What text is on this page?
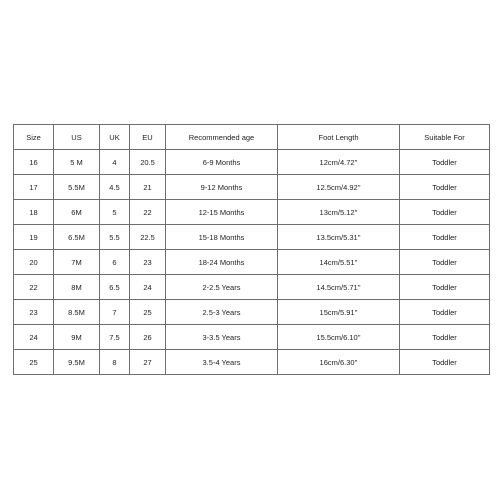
Size	US	UK	EU	Recommended age	Foot Length	Suitable For
16	5 M	4	20.5	6-9 Months	12cm/4.72''	Toddler
17	5.5M	4.5	21	9-12 Months	12.5cm/4.92''	Toddler
18	6M	5	22	12-15 Months	13cm/5.12''	Toddler
19	6.5M	5.5	22.5	15-18 Months	13.5cm/5.31''	Toddler
20	7M	6	23	18-24 Months	14cm/5.51''	Toddler
22	8M	6.5	24	2-2.5 Years	14.5cm/5.71''	Toddler
23	8.5M	7	25	2.5-3 Years	15cm/5.91''	Toddler
24	9M	7.5	26	3-3.5 Years	15.5cm/6.10''	Toddler
25	9.5M	8	27	3.5-4 Years	16cm/6.30''	Toddler
